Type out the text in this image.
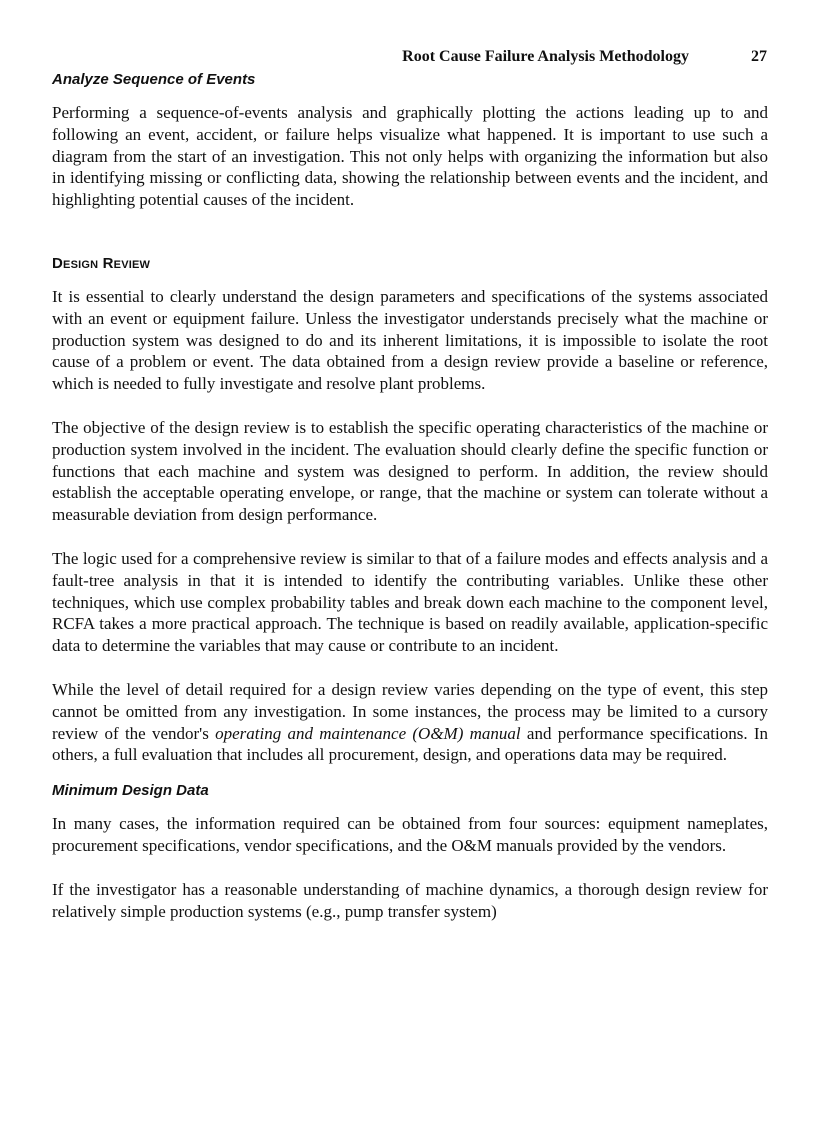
Root Cause Failure Analysis Methodology	27
Analyze Sequence of Events

Performing a sequence-of-events analysis and graphically plotting the actions leading up to and following an event, accident, or failure helps visualize what happened. It is important to use such a diagram from the start of an investigation. This not only helps with organizing the information but also in identifying missing or conflicting data, showing the relationship between events and the incident, and highlighting potential causes of the incident.

Design Review

It is essential to clearly understand the design parameters and specifications of the systems associated with an event or equipment failure. Unless the investigator understands precisely what the machine or production system was designed to do and its inherent limitations, it is impossible to isolate the root cause of a problem or event. The data obtained from a design review provide a baseline or reference, which is needed to fully investigate and resolve plant problems.

The objective of the design review is to establish the specific operating characteristics of the machine or production system involved in the incident. The evaluation should clearly define the specific function or functions that each machine and system was designed to perform. In addition, the review should establish the acceptable operating envelope, or range, that the machine or system can tolerate without a measurable deviation from design performance.

The logic used for a comprehensive review is similar to that of a failure modes and effects analysis and a fault-tree analysis in that it is intended to identify the contributing variables. Unlike these other techniques, which use complex probability tables and break down each machine to the component level, RCFA takes a more practical approach. The technique is based on readily available, application-specific data to determine the variables that may cause or contribute to an incident.

While the level of detail required for a design review varies depending on the type of event, this step cannot be omitted from any investigation. In some instances, the process may be limited to a cursory review of the vendor's operating and maintenance (O&M) manual and performance specifications. In others, a full evaluation that includes all procurement, design, and operations data may be required.

Minimum Design Data

In many cases, the information required can be obtained from four sources: equipment nameplates, procurement specifications, vendor specifications, and the O&M manuals provided by the vendors.

If the investigator has a reasonable understanding of machine dynamics, a thorough design review for relatively simple production systems (e.g., pump transfer system)
